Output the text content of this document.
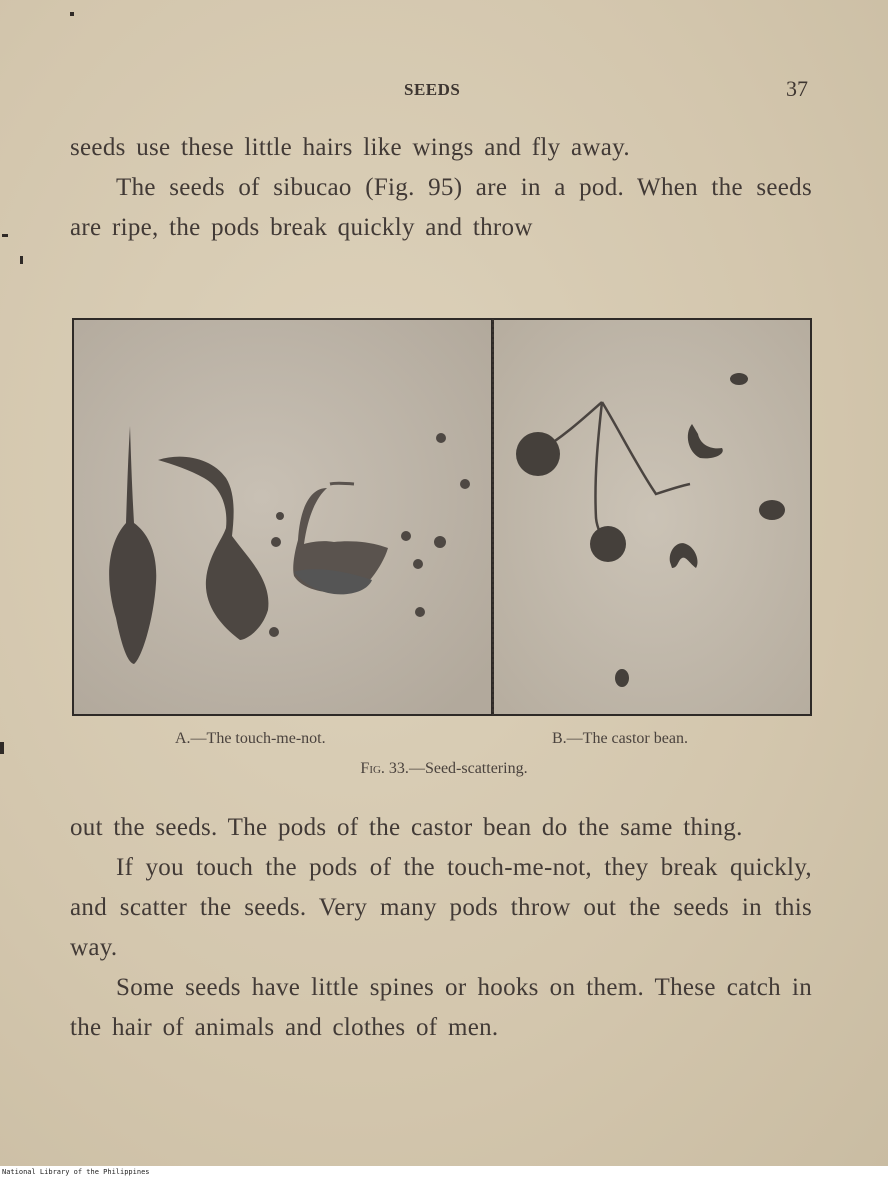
SEEDS	37

seeds use these little hairs like wings and fly away.

The seeds of sibucao (Fig. 95) are in a pod. When the seeds are ripe, the pods break quickly and throw

A.—The touch-me-not.	B.—The castor bean.
Fig. 33.—Seed-scattering.

out the seeds. The pods of the castor bean do the same thing.

If you touch the pods of the touch-me-not, they break quickly, and scatter the seeds. Very many pods throw out the seeds in this way.

Some seeds have little spines or hooks on them. These catch in the hair of animals and clothes of men.

National Library of the Philippines
